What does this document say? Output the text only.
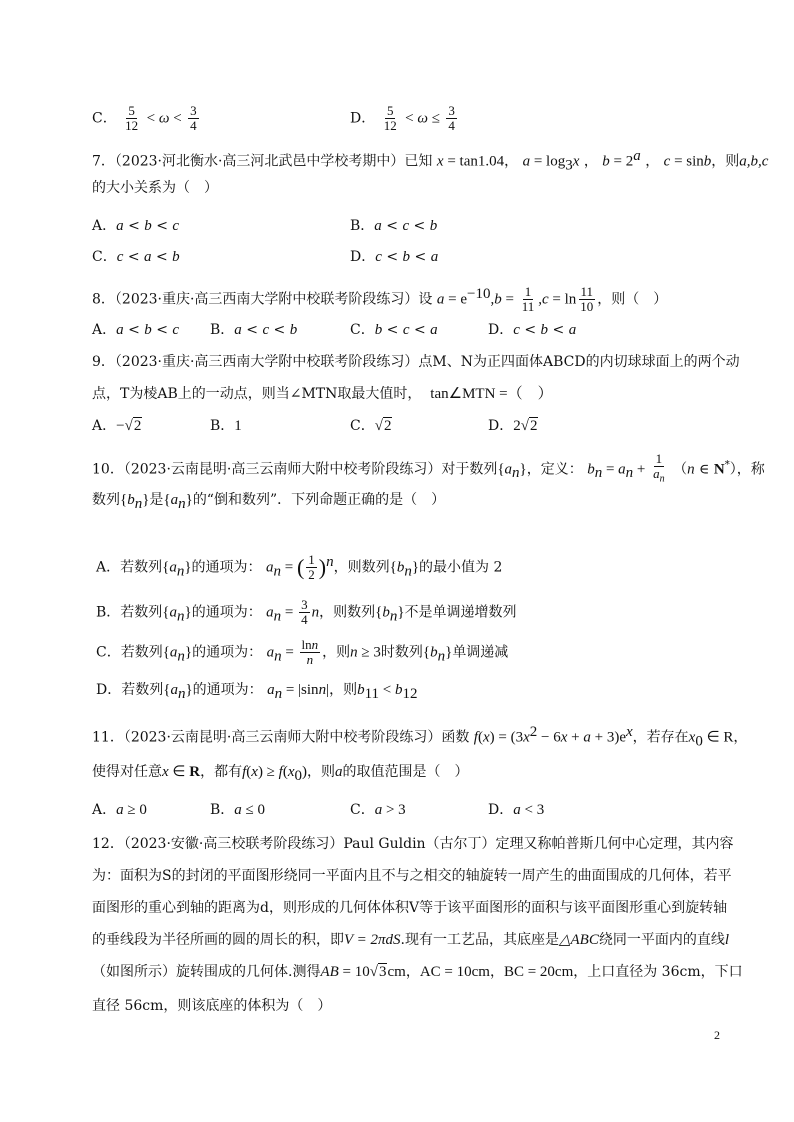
C． $\frac{5}{12} < \omega < \frac{3}{4}$	D． $\frac{5}{12} < \omega \le \frac{3}{4}$
7．（2023·河北衡水·高三河北武邑中学校考期中）已知 x = tan1.04， $a = \log_3x$ ， $b = 2^a$ ， c = sinb，则a,b,c
的大小关系为（　）
A．a < b < c	B．a < c < b
C．c < a < b	D．c < b < a
8．（2023·重庆·高三西南大学附中校联考阶段练习）设 $a = e^{-10},b = \frac{1}{11} ,c = \ln \frac{11}{10}$ ，则（　）
A．a < b < c B．a < c < b	C．b < c < a	D．c < b < a
9．（2023·重庆·高三西南大学附中校联考阶段练习）点M、N为正四面体ABCD的内切球球面上的两个动
点，T为棱AB上的一动点，则当∠MTN取最大值时， tan∠MTN =（　）
A．−√2	B．1	C．√2	D．2√2
10．（2023·云南昆明·高三云南师大附中校考阶段练习）对于数列$\{a_n\}$，定义： $b_n = a_n + \frac{1}{a_n} (n$ ∈ N*），称
数列$\{b_n\}$是$\{a_n\}$的“倒和数列”．下列命题正确的是（　）
A．若数列$\{a_n\}$的通项为： $a_n$ = ( $\frac{1}{2} )^n$，则数列$\{b_n\}$的最小值为 2
B．若数列$\{a_n\}$的通项为： $a_n = \frac{3}{4}$ n，则数列$\{b_n\}$不是单调递增数列
C．若数列$\{a_n\}$的通项为： $a_n = \frac{\ln n}{n}$ ，则n ≥ 3时数列$\{b_n\}$单调递减
D．若数列$\{a_n\}$的通项为： $a_n = |\sin n|$，则$b_{11} < b_{12}$
11．（2023·云南昆明·高三云南师大附中校考阶段练习）函数 $f(x) = (3x^2 - 6x + a + 3)e^x$，若存在$x_0$ ∈ R，
使得对任意x ∈ R，都有$f(x) \ge f(x_0)$，则a的取值范围是（　）
A．a ≥ 0	B．a ≤ 0	C．a > 3	D．a < 3
12．（2023·安徽·高三校联考阶段练习）Paul Guldin（古尔丁）定理又称帕普斯几何中心定理，其内容
为：面积为S的封闭的平面图形绕同一平面内且不与之相交的轴旋转一周产生的曲面围成的几何体，若平
面图形的重心到轴的距离为d，则形成的几何体体积V等于该平面图形的面积与该平面图形重心到旋转轴
的垂线段为半径所画的圆的周长的积，即V = 2πdS.现有一工艺品，其底座是△ABC绕同一平面内的直线l
（如图所示）旋转围成的几何体.测得AB = 10√3cm，AC = 10cm，BC = 20cm，上口直径为 36cm，下口
直径 56cm，则该底座的体积为（　）
2
